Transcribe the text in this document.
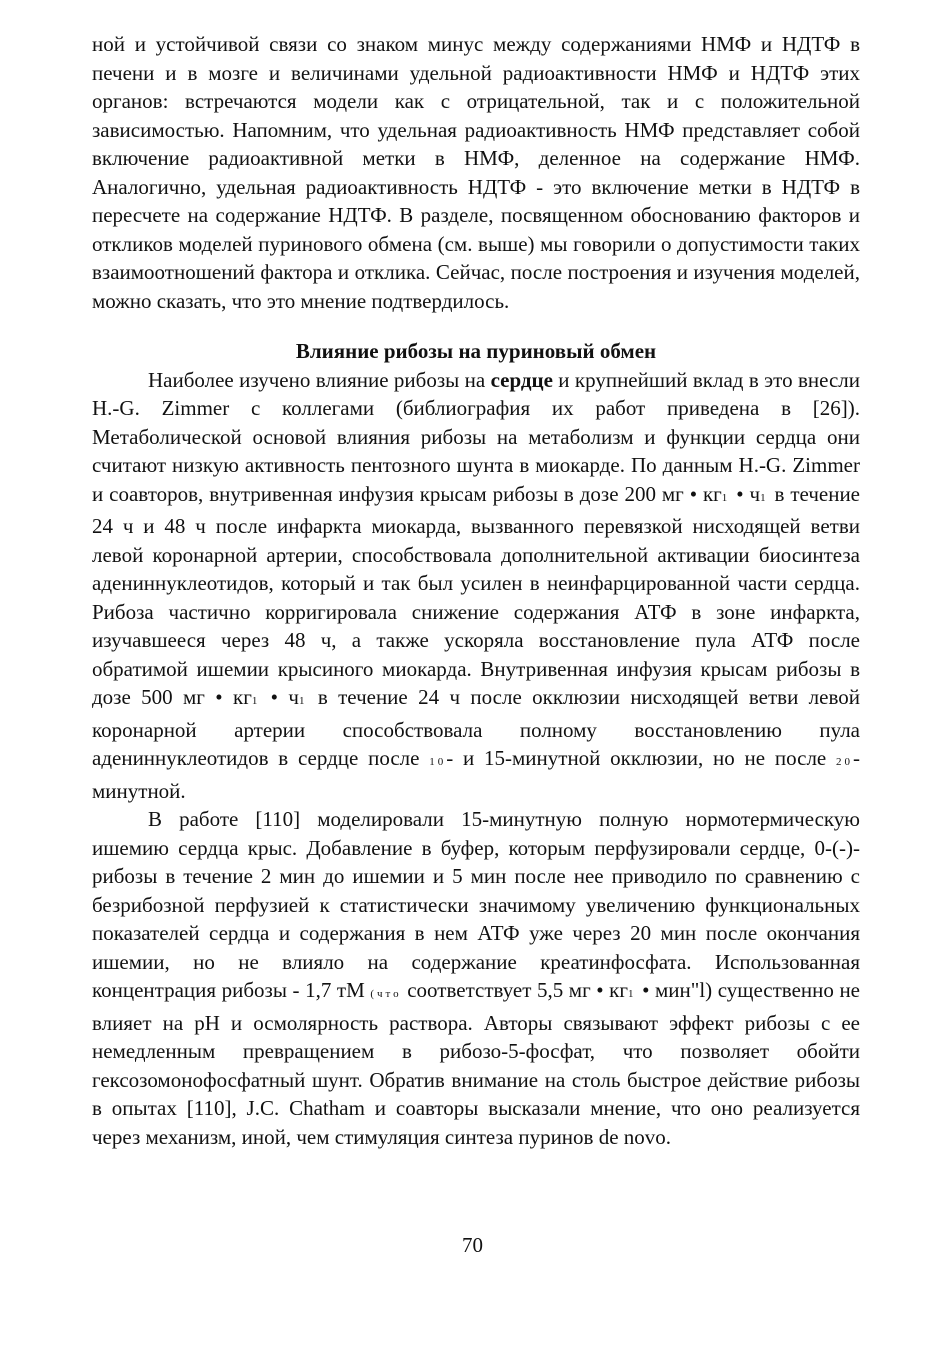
ной и устойчивой связи со знаком минус между содержаниями НМФ и НДТФ в печени и в мозге и величинами удельной радиоактивности НМФ и НДТФ этих органов: встречаются модели как с отрицательной, так и с положительной зависимостью. Напомним, что удельная радиоактивность НМФ представляет собой включение радиоактивной метки в НМФ, деленное на содержание НМФ. Аналогично, удельная радиоактивность НДТФ - это включение метки в НДТФ в пересчете на содержание НДТФ. В разделе, посвященном обоснованию факторов и откликов моделей пуринового обмена (см. выше) мы говорили о допустимости таких взаимоотношений фактора и отклика. Сейчас, после построения и изучения моделей, можно сказать, что это мнение подтвердилось.

Влияние рибозы на пуриновый обмен

Наиболее изучено влияние рибозы на сердце и крупнейший вклад в это внесли H.-G. Zimmer с коллегами (библиография их работ приведена в [26]). Метаболической основой влияния рибозы на метаболизм и функции сердца они считают низкую активность пентозного шунта в миокарде. По данным H.-G. Zimmer и соавторов, внутривенная инфузия крысам рибозы в дозе 200 мг • кг1 • ч1 в течение 24 ч и 48 ч после инфаркта миокарда, вызванного перевязкой нисходящей ветви левой коронарной артерии, способствовала дополнительной активации биосинтеза адениннуклеотидов, который и так был усилен в неинфарцированной части сердца. Рибоза частично корригировала снижение содержания АТФ в зоне инфаркта, изучавшееся через 48 ч, а также ускоряла восстановление пула АТФ после обратимой ишемии крысиного миокарда. Внутривенная инфузия крысам рибозы в дозе 500 мг • кг1 • ч1 в течение 24 ч после окклюзии нисходящей ветви левой коронарной артерии способствовала полному восстановлению пула адениннуклеотидов в сердце после 10- и 15-минутной окклюзии, но не после 20-минутной.

В работе [110] моделировали 15-минутную полную нормотермическую ишемию сердца крыс. Добавление в буфер, которым перфузировали сердце, 0-(-)-рибозы в течение 2 мин до ишемии и 5 мин после нее приводило по сравнению с безрибозной перфузией к статистически значимому увеличению функциональных показателей сердца и содержания в нем АТФ уже через 20 мин после окончания ишемии, но не влияло на содержание креатинфосфата. Использованная концентрация рибозы - 1,7 тМ (что соответствует 5,5 мг • кг1 • мин"l) существенно не влияет на pH и осмолярность раствора. Авторы связывают эффект рибозы с ее немедленным превращением в рибозо-5-фосфат, что позволяет обойти гексозомонофосфатный шунт. Обратив внимание на столь быстрое действие рибозы в опытах [110], J.C. Chatham и соавторы высказали мнение, что оно реализуется через механизм, иной, чем стимуляция синтеза пуринов de novo.

70
